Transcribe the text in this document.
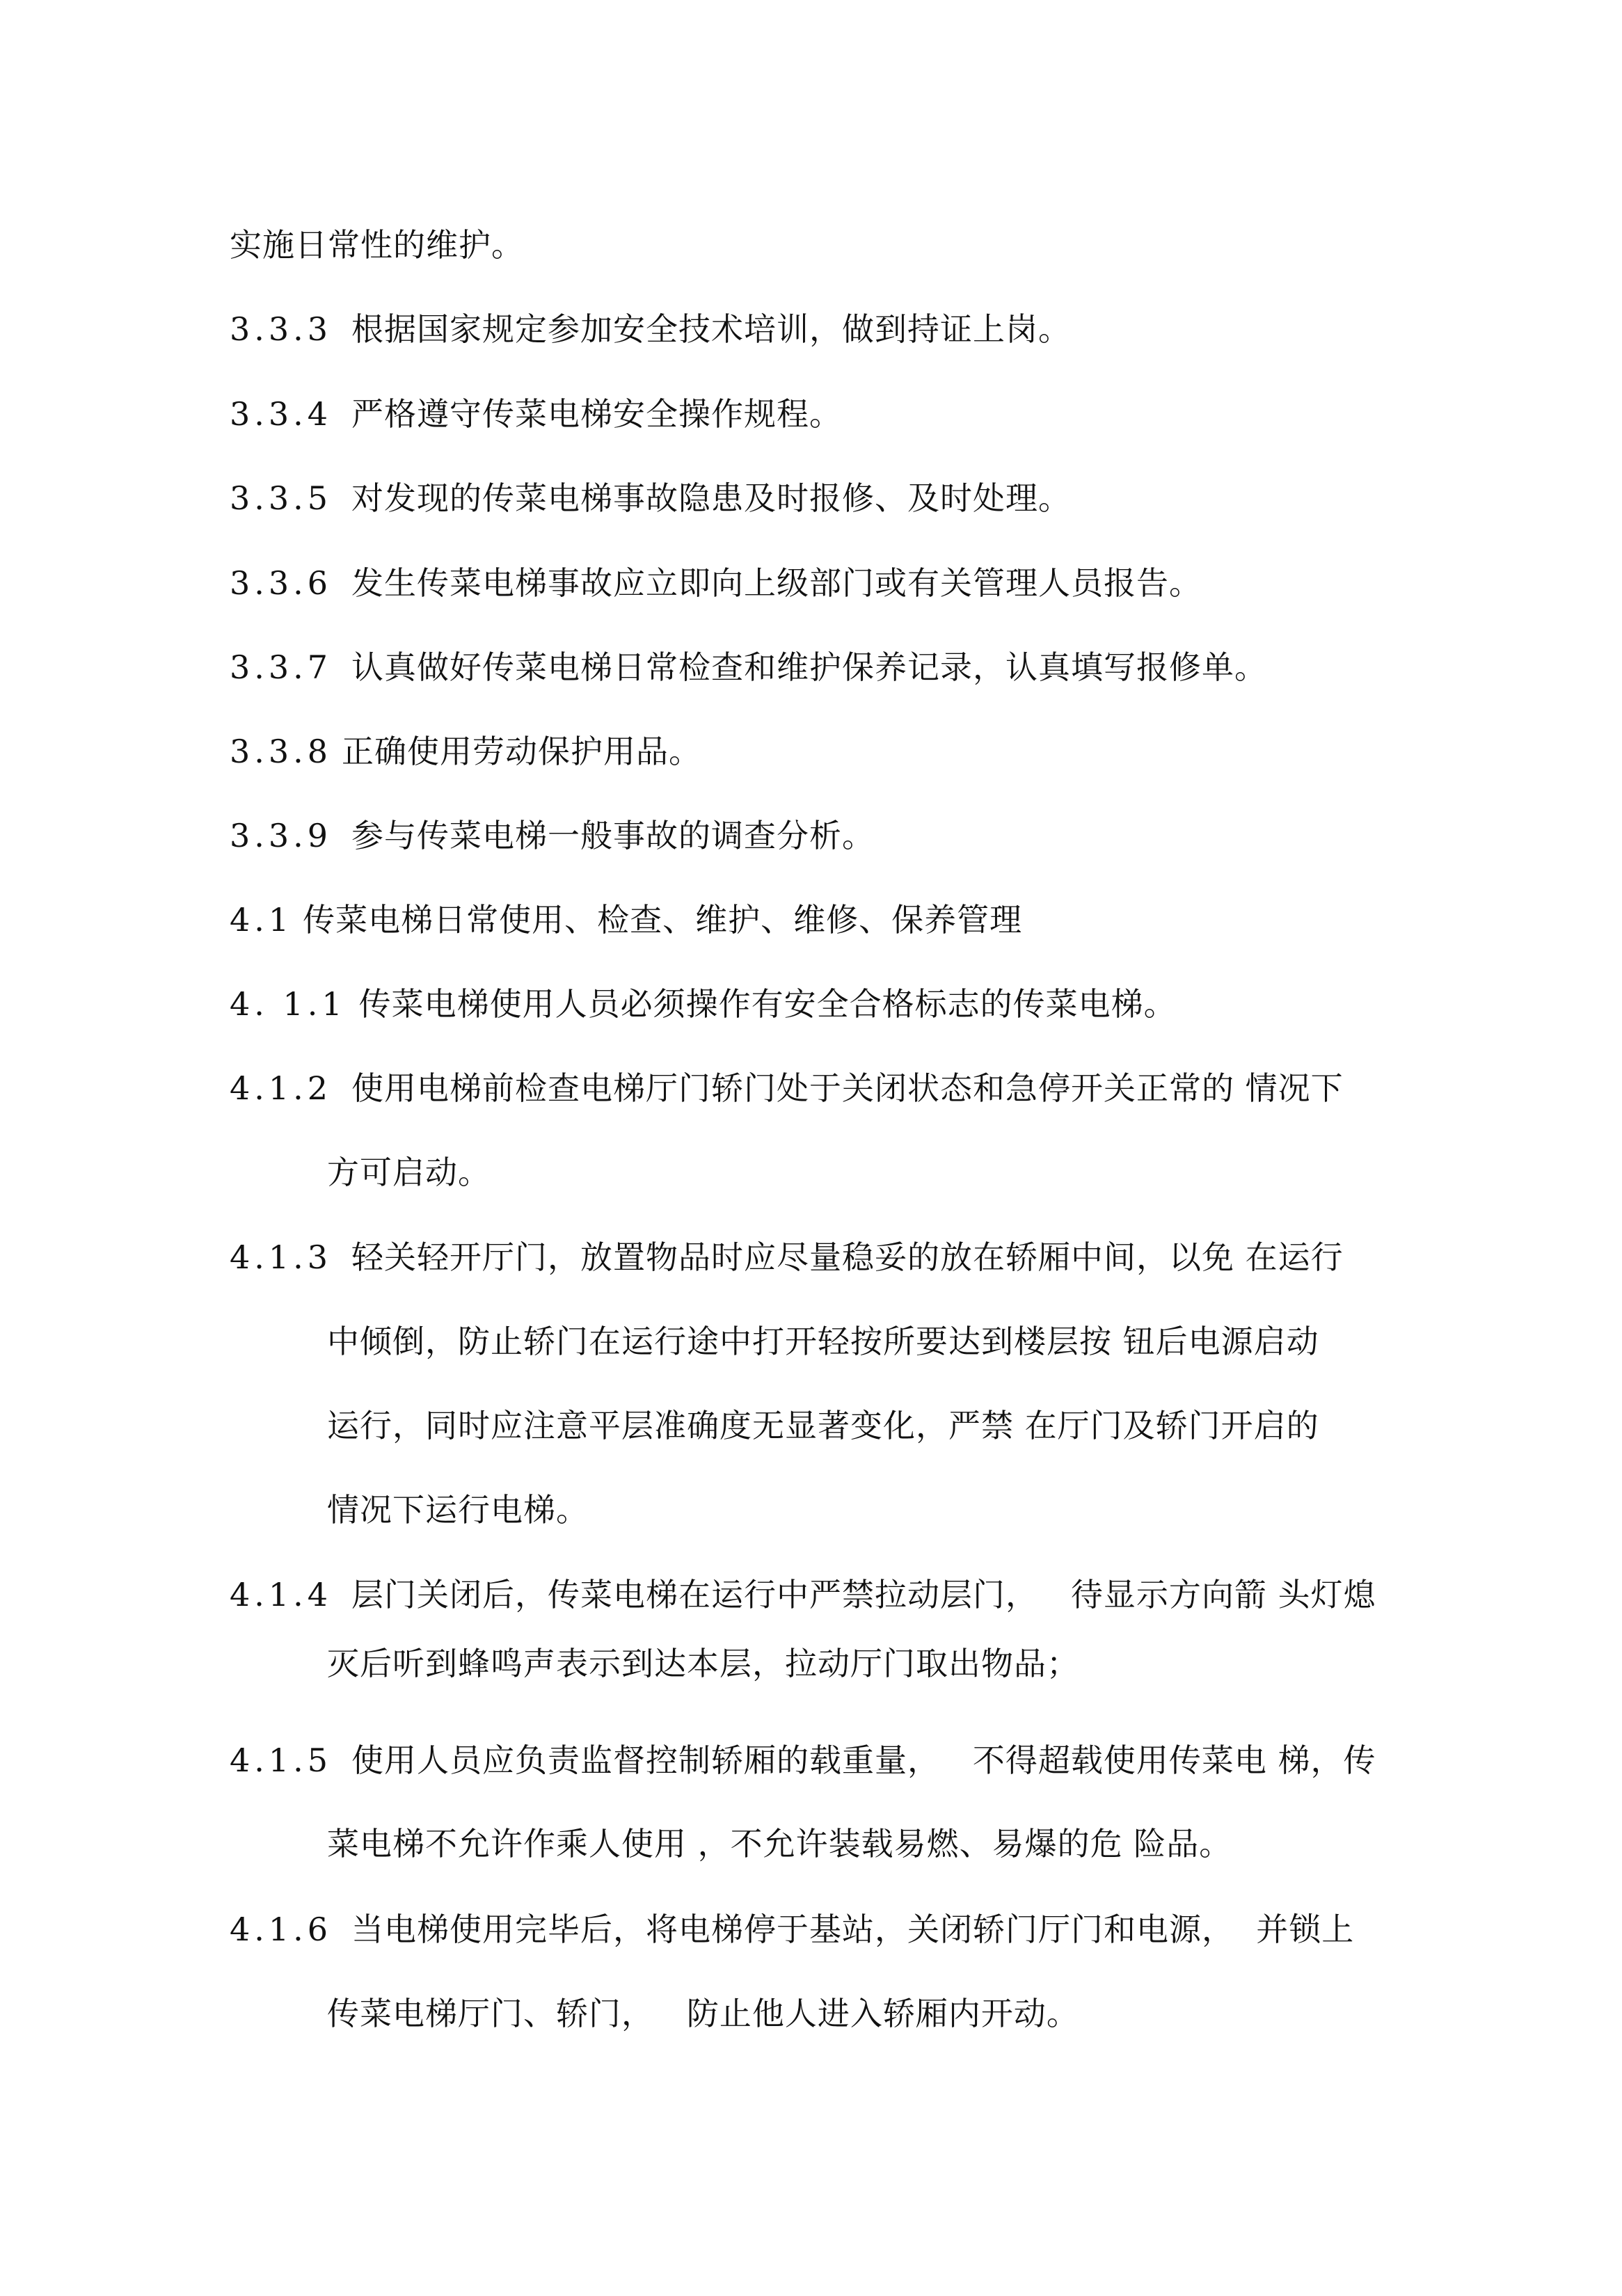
实施日常性的维护。
3.3.3 根据国家规定参加安全技术培训，做到持证上岗。
3.3.4 严格遵守传菜电梯安全操作规程。
3.3.5 对发现的传菜电梯事故隐患及时报修、及时处理。
3.3.6 发生传菜电梯事故应立即向上级部门或有关管理人员报告。
3.3.7 认真做好传菜电梯日常检查和维护保养记录，认真填写报修单。
3.3.8 正确使用劳动保护用品。
3.3.9 参与传菜电梯一般事故的调查分析。
4.1 传菜电梯日常使用、检查、维护、维修、保养管理
4. 1.1 传菜电梯使用人员必须操作有安全合格标志的传菜电梯。
4.1.2 使用电梯前检查电梯厅门轿门处于关闭状态和急停开关正常的 情况下
方可启动。
4.1.3 轻关轻开厅门，放置物品时应尽量稳妥的放在轿厢中间，以免 在运行
中倾倒，防止轿门在运行途中打开轻按所要达到楼层按 钮后电源启动
运行，同时应注意平层准确度无显著变化，严禁 在厅门及轿门开启的
情况下运行电梯。
4.1.4 层门关闭后，传菜电梯在运行中严禁拉动层门，   待显示方向箭 头灯熄
灭后听到蜂鸣声表示到达本层，拉动厅门取出物品；
4.1.5 使用人员应负责监督控制轿厢的载重量，   不得超载使用传菜电 梯，传
菜电梯不允许作乘人使用 ，不允许装载易燃、易爆的危 险品。
4.1.6 当电梯使用完毕后，将电梯停于基站，关闭轿门厅门和电源，  并锁上
传菜电梯厅门、轿门，   防止他人进入轿厢内开动。
